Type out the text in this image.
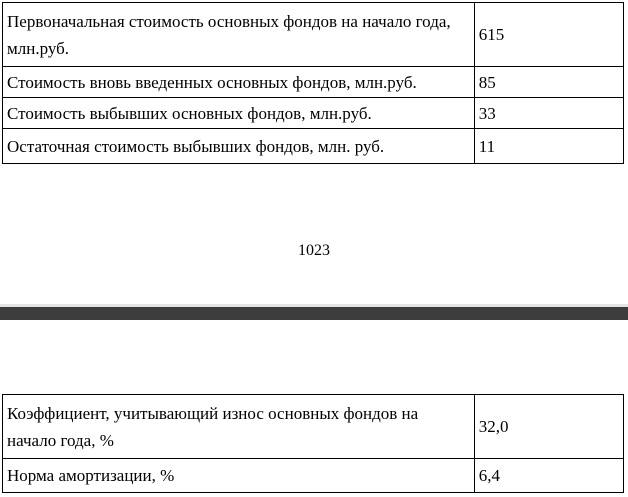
Первоначальная стоимость основных фондов на начало года, млн.руб.	615
Стоимость вновь введенных основных фондов, млн.руб.	85
Стоимость выбывших основных фондов, млн.руб.	33
Остаточная стоимость выбывших фондов, млн. руб.	11
1023
Коэффициент, учитывающий износ основных фондов на начало года, %	32,0
Норма амортизации, %	6,4
